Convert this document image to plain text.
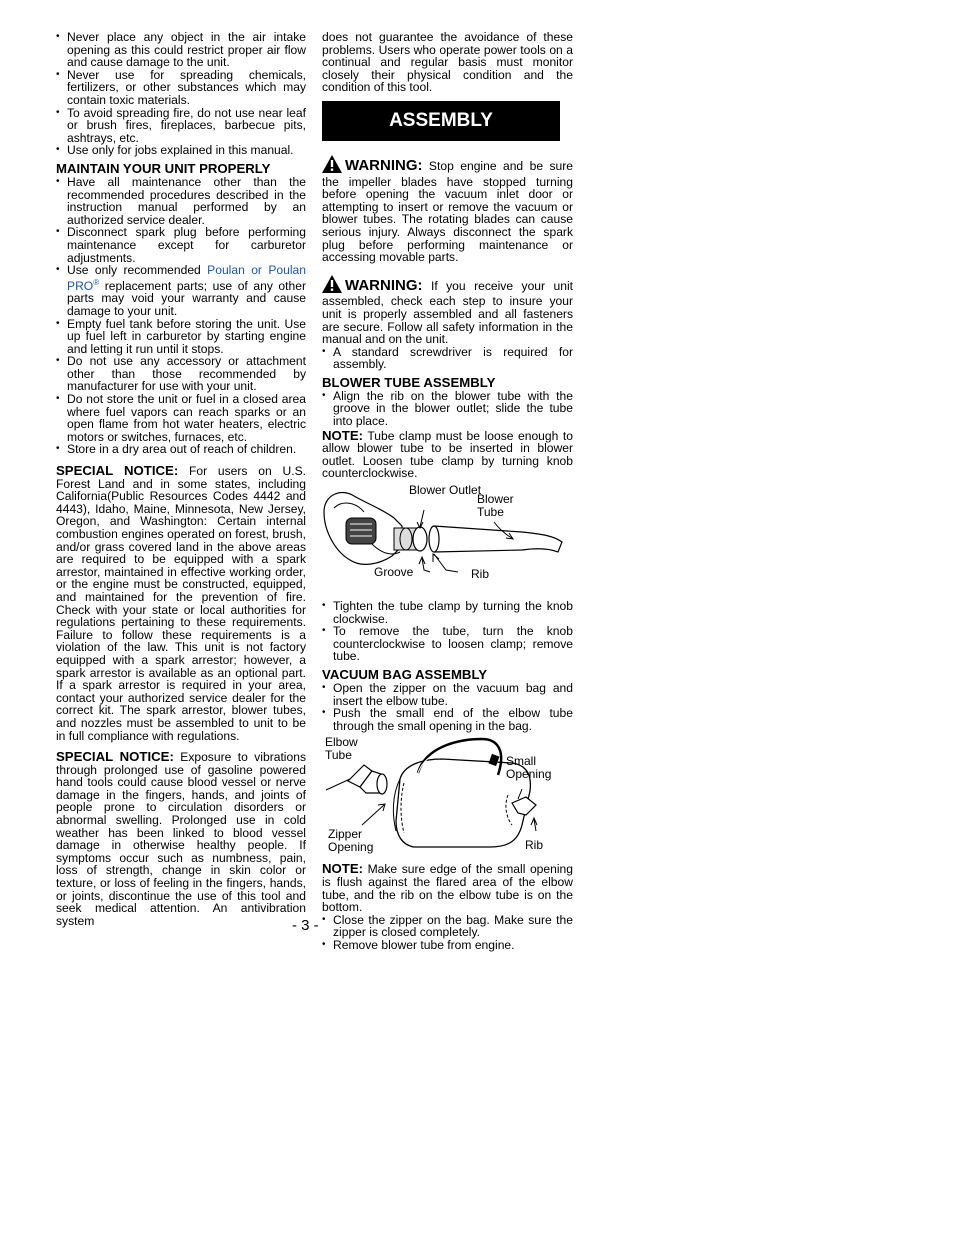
• Never place any object in the air intake opening as this could restrict proper air flow and cause damage to the unit.
• Never use for spreading chemicals, fertilizers, or other substances which may contain toxic materials.
• To avoid spreading fire, do not use near leaf or brush fires, fireplaces, barbecue pits, ashtrays, etc.
• Use only for jobs explained in this manual.
MAINTAIN YOUR UNIT PROPERLY
• Have all maintenance other than the recommended procedures described in the instruction manual performed by an authorized service dealer.
• Disconnect spark plug before performing maintenance except for carburetor adjustments.
• Use only recommended Poulan or Poulan PRO® replacement parts; use of any other parts may void your warranty and cause damage to your unit.
• Empty fuel tank before storing the unit. Use up fuel left in carburetor by starting engine and letting it run until it stops.
• Do not use any accessory or attachment other than those recommended by manufacturer for use with your unit.
• Do not store the unit or fuel in a closed area where fuel vapors can reach sparks or an open flame from hot water heaters, electric motors or switches, furnaces, etc.
• Store in a dry area out of reach of children.

SPECIAL NOTICE: For users on U.S. Forest Land and in some states, including California(Public Resources Codes 4442 and 4443), Idaho, Maine, Minnesota, New Jersey, Oregon, and Washington: Certain internal combustion engines operated on forest, brush, and/or grass covered land in the above areas are required to be equipped with a spark arrestor, maintained in effective working order, or the engine must be constructed, equipped, and maintained for the prevention of fire. Check with your state or local authorities for regulations pertaining to these requirements. Failure to follow these requirements is a violation of the law. This unit is not factory equipped with a spark arrestor; however, a spark arrestor is available as an optional part. If a spark arrestor is required in your area, contact your authorized service dealer for the correct kit. The spark arrestor, blower tubes, and nozzles must be assembled to unit to be in full compliance with regulations.

SPECIAL NOTICE: Exposure to vibrations through prolonged use of gasoline powered hand tools could cause blood vessel or nerve damage in the fingers, hands, and joints of people prone to circulation disorders or abnormal swelling. Prolonged use in cold weather has been linked to blood vessel damage in otherwise healthy people. If symptoms occur such as numbness, pain, loss of strength, change in skin color or texture, or loss of feeling in the fingers, hands, or joints, discontinue the use of this tool and seek medical attention. An antivibration system

does not guarantee the avoidance of these problems. Users who operate power tools on a continual and regular basis must monitor closely their physical condition and the condition of this tool.

ASSEMBLY

WARNING: Stop engine and be sure the impeller blades have stopped turning before opening the vacuum inlet door or attempting to insert or remove the vacuum or blower tubes. The rotating blades can cause serious injury. Always disconnect the spark plug before performing maintenance or accessing movable parts.

WARNING: If you receive your unit assembled, check each step to insure your unit is properly assembled and all fasteners are secure. Follow all safety information in the manual and on the unit.

• A standard screwdriver is required for assembly.
BLOWER TUBE ASSEMBLY
• Align the rib on the blower tube with the groove in the blower outlet; slide the tube into place.

NOTE: Tube clamp must be loose enough to allow blower tube to be inserted in blower outlet. Loosen tube clamp by turning knob counterclockwise.

Blower Outlet
Blower Tube
Groove	Rib
• Tighten the tube clamp by turning the knob clockwise.
• To remove the tube, turn the knob counterclockwise to loosen clamp; remove tube.
VACUUM BAG ASSEMBLY
• Open the zipper on the vacuum bag and insert the elbow tube.
• Push the small end of the elbow tube through the small opening in the bag.
Elbow Tube	Small Opening
Zipper Opening	Rib

NOTE: Make sure edge of the small opening is flush against the flared area of the elbow tube, and the rib on the elbow tube is on the bottom.

• Close the zipper on the bag. Make sure the zipper is closed completely.
• Remove blower tube from engine.
- 3 -
